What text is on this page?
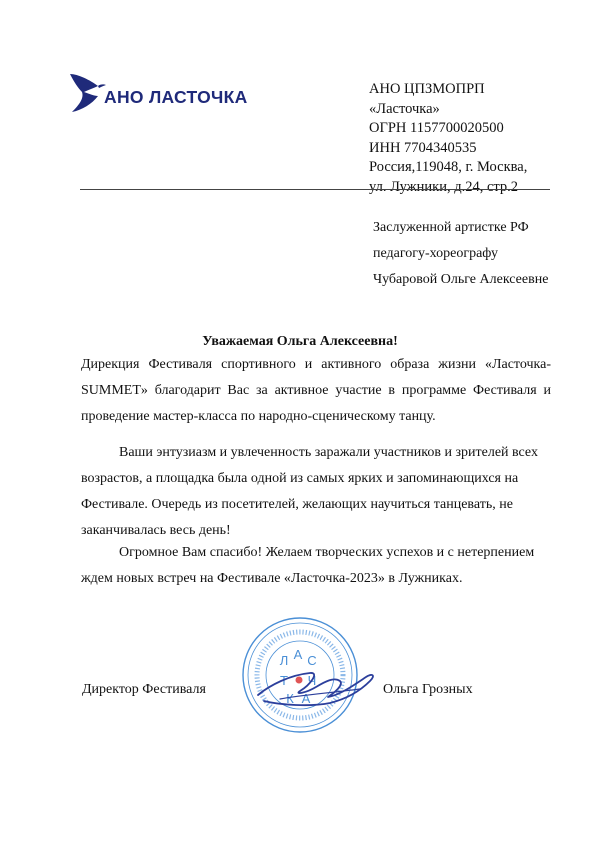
АНО ЛАСТОЧКА	АНО ЦПЗМОПРП
«Ласточка»
ОГРН 1157700020500
ИНН 7704340535
Россия,119048, г. Москва,
ул. Лужники, д.24, стр.2
Заслуженной артистке РФ
педагогу-хореографу
Чубаровой Ольге Алексеевне
Уважаемая Ольга Алексеевна!
Дирекция Фестиваля спортивного и активного образа жизни «Ласточка-SUMMET» благодарит Вас за активное участие в программе Фестиваля и проведение мастер-класса по народно-сценическому танцу.
Ваши энтузиазм и увлеченность заражали участников и зрителей всех возрастов, а площадка была одной из самых ярких и запоминающихся на Фестивале. Очередь из посетителей, желающих научиться танцевать, не заканчивалась весь день!
Огромное Вам спасибо! Желаем творческих успехов и с нетерпением ждем новых встреч на Фестивале «Ласточка-2023» в Лужниках.
Директор Фестиваля	Ольга Грозных
Л А С
Т Ч
К А
